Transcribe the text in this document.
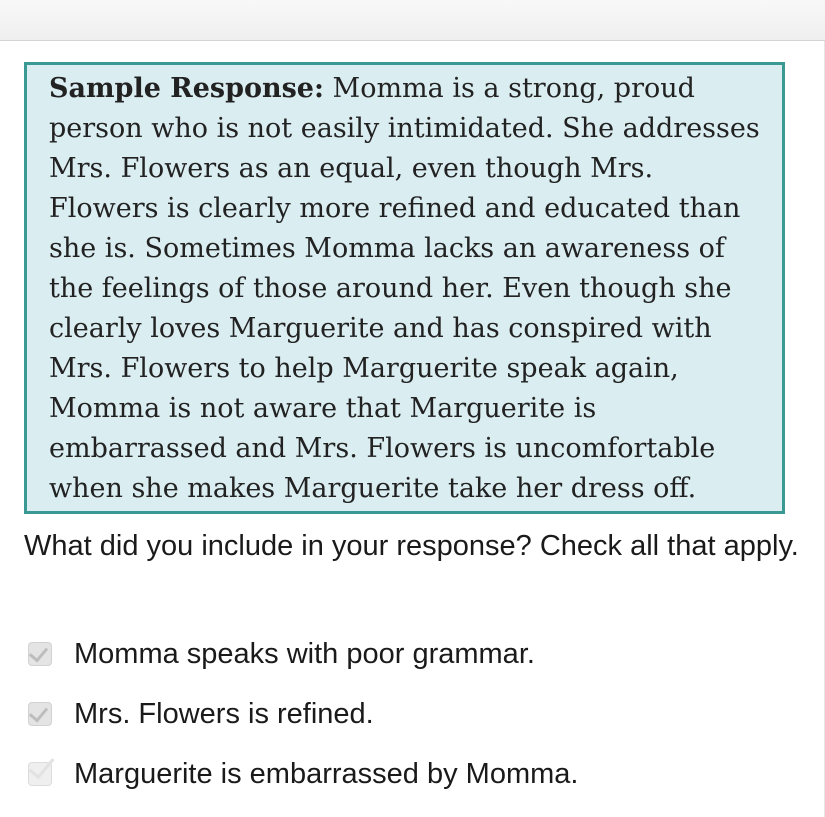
Sample Response: Momma is a strong, proud person who is not easily intimidated. She addresses Mrs. Flowers as an equal, even though Mrs. Flowers is clearly more refined and educated than she is. Sometimes Momma lacks an awareness of the feelings of those around her. Even though she clearly loves Marguerite and has conspired with Mrs. Flowers to help Marguerite speak again, Momma is not aware that Marguerite is embarrassed and Mrs. Flowers is uncomfortable when she makes Marguerite take her dress off.
What did you include in your response? Check all that apply.
Momma speaks with poor grammar.
Mrs. Flowers is refined.
Marguerite is embarrassed by Momma.
